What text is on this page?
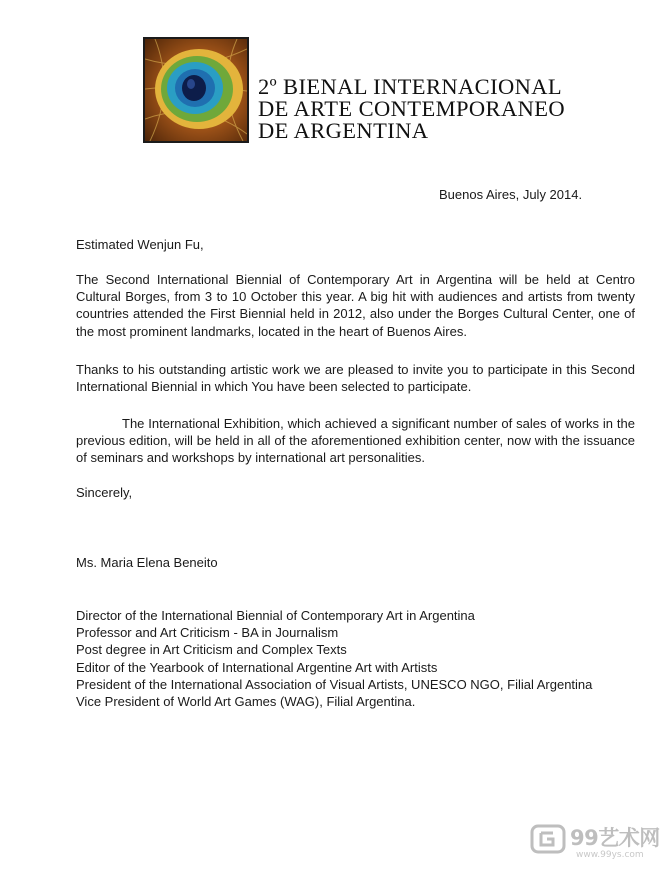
2º BIENAL INTERNACIONAL
DE ARTE CONTEMPORANEO
DE ARGENTINA
Buenos Aires, July 2014.
Estimated Wenjun Fu,

The Second International Biennial of Contemporary Art in Argentina will be held at Centro Cultural Borges, from 3 to 10 October this year. A big hit with audiences and artists from twenty countries attended the First Biennial held in 2012, also under the Borges Cultural Center, one of the most prominent landmarks, located in the heart of Buenos Aires.

Thanks to his outstanding artistic work we are pleased to invite you to participate in this Second International Biennial in which You have been selected to participate.

The International Exhibition, which achieved a significant number of sales of works in the previous edition, will be held in all of the aforementioned exhibition center, now with the issuance of seminars and workshops by international art personalities.

Sincerely,
Ms. Maria Elena Beneito
Director of the International Biennial of Contemporary Art in Argentina
Professor and Art Criticism - BA in Journalism
Post degree in Art Criticism and Complex Texts
Editor of the Yearbook of International Argentine Art with Artists
President of the International Association of Visual Artists, UNESCO NGO, Filial Argentina
Vice President of World Art Games (WAG), Filial Argentina.
99艺术网
www.99ys.com
